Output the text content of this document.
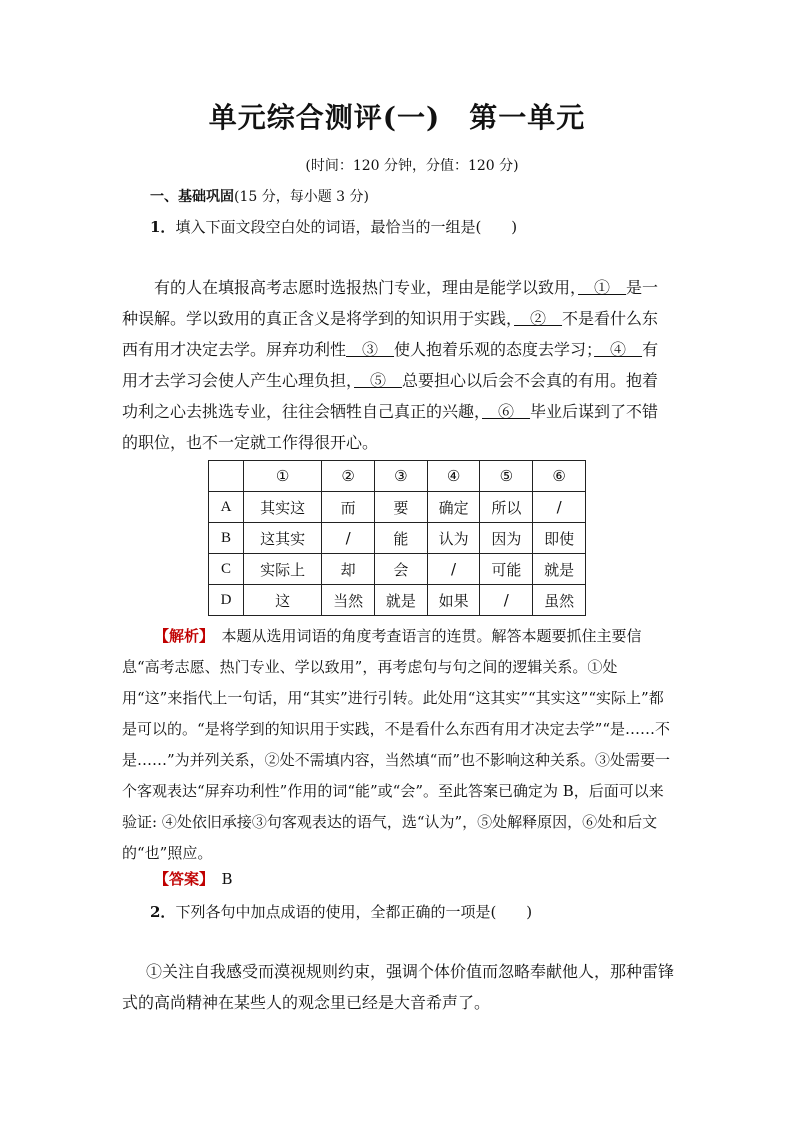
单元综合测评(一)　第一单元
(时间：120 分钟，分值：120 分)
一、基础巩固(15 分，每小题 3 分)
1．填入下面文段空白处的词语，最恰当的一组是(　　)

有的人在填报高考志愿时选报热门专业，理由是能学以致用，　①　是一种误解。学以致用的真正含义是将学到的知识用于实践，　②　不是看什么东西有用才决定去学。屏弃功利性　③　使人抱着乐观的态度去学习；　④　有用才去学习会使人产生心理负担，　⑤　总要担心以后会不会真的有用。抱着功利之心去挑选专业，往往会牺牲自己真正的兴趣，　⑥　毕业后谋到了不错的职位，也不一定就工作得很开心。

	①	②	③	④	⑤	⑥
A	其实这	而	要	确定	所以	/
B	这其实	/	能	认为	因为	即使
C	实际上	却	会	/	可能	就是
D	这	当然	就是	如果	/	虽然

【解析】　 本题从选用词语的角度考查语言的连贯。解答本题要抓住主要信息“高考志愿、热门专业、学以致用”，再考虑句与句之间的逻辑关系。①处用“这”来指代上一句话，用“其实”进行引转。此处用“这其实”“其实这”“实际上”都是可以的。“是将学到的知识用于实践，不是看什么东西有用才决定去学”“是……不是……”为并列关系，②处不需填内容，当然填“而”也不影响这种关系。③处需要一个客观表达“屏弃功利性”作用的词“能”或“会”。至此答案已确定为 B，后面可以来验证: ④处依旧承接③句客观表达的语气，选“认为”，⑤处解释原因，⑥处和后文的“也”照应。

【答案】　 B
2．下列各句中加点成语的使用，全都正确的一项是(　　)

①关注自我感受而漠视规则约束，强调个体价值而忽略奉献他人，那种雷锋式的高尚精神在某些人的观念里已经是大音希声了。
